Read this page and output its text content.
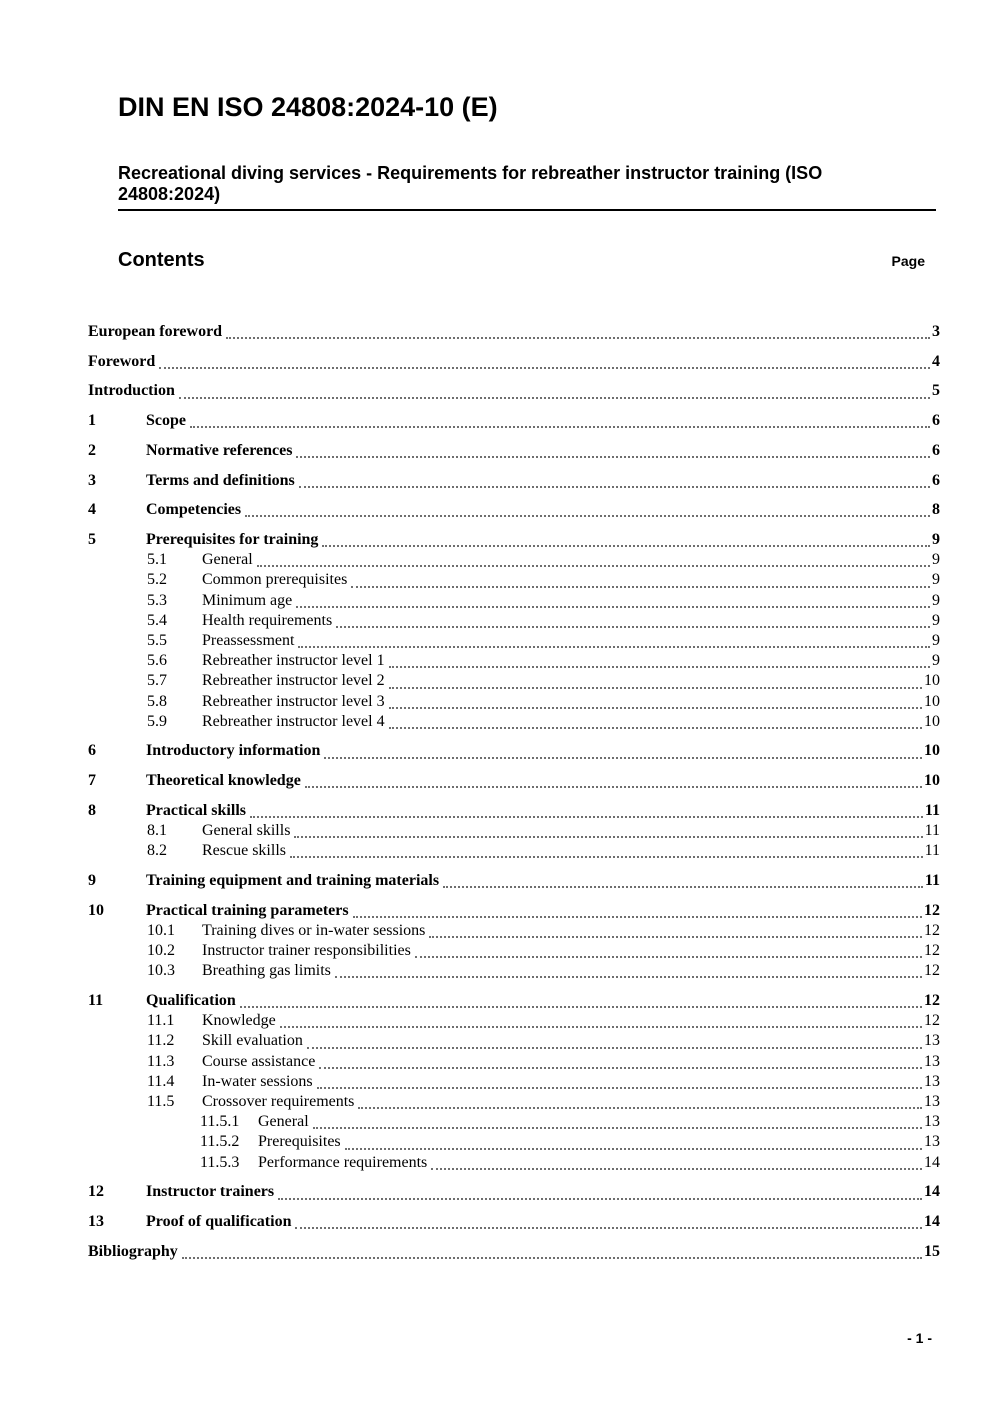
DIN EN ISO 24808:2024-10 (E)
Recreational diving services - Requirements for rebreather instructor training (ISO
24808:2024)
Contents	Page
European foreword	3
Foreword	4
Introduction	5
1	Scope	6
2	Normative references	6
3	Terms and definitions	6
4	Competencies	8
5	Prerequisites for training	9
5.1	General	9
5.2	Common prerequisites	9
5.3	Minimum age	9
5.4	Health requirements	9
5.5	Preassessment	9
5.6	Rebreather instructor level 1	9
5.7	Rebreather instructor level 2	10
5.8	Rebreather instructor level 3	10
5.9	Rebreather instructor level 4	10
6	Introductory information	10
7	Theoretical knowledge	10
8	Practical skills	11
8.1	General skills	11
8.2	Rescue skills	11
9	Training equipment and training materials	11
10	Practical training parameters	12
10.1	Training dives or in-water sessions	12
10.2	Instructor trainer responsibilities	12
10.3	Breathing gas limits	12
11	Qualification	12
11.1	Knowledge	12
11.2	Skill evaluation	13
11.3	Course assistance	13
11.4	In-water sessions	13
11.5	Crossover requirements	13
11.5.1	General	13
11.5.2	Prerequisites	13
11.5.3	Performance requirements	14
12	Instructor trainers	14
13	Proof of qualification	14
Bibliography	15
- 1 -
